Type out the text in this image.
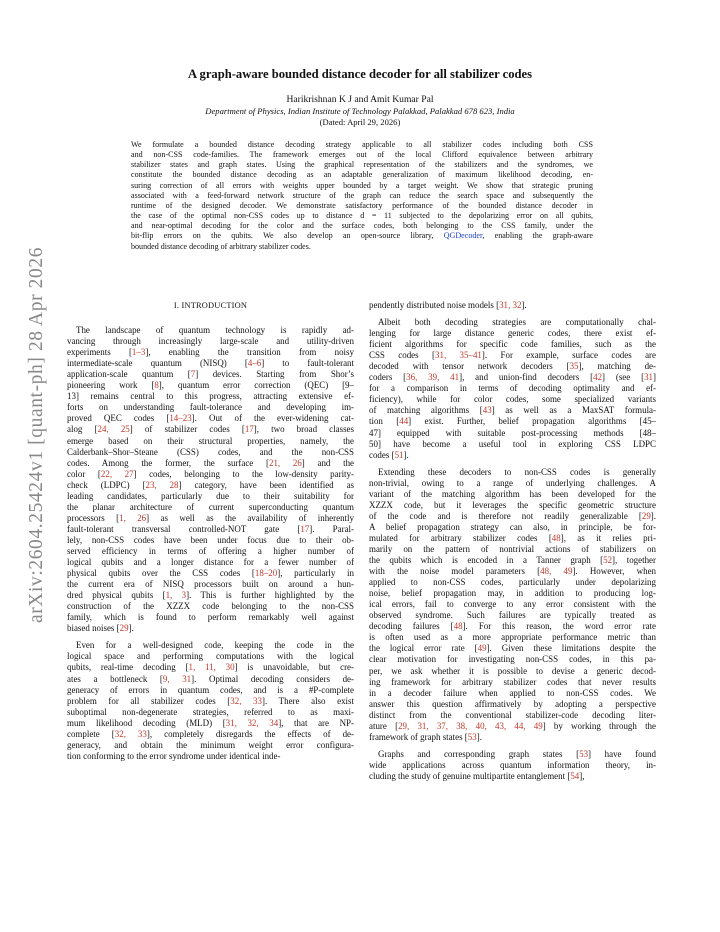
arXiv:2604.25424v1 [quant-ph] 28 Apr 2026
A graph-aware bounded distance decoder for all stabilizer codes
Harikrishnan K J and Amit Kumar Pal
Department of Physics, Indian Institute of Technology Palakkad, Palakkad 678 623, India
(Dated: April 29, 2026)
We formulate a bounded distance decoding strategy applicable to all stabilizer codes including both CSS
and non-CSS code-families. The framework emerges out of the local Clifford equivalence between arbitrary
stabilizer states and graph states. Using the graphical representation of the stabilizers and the syndromes, we
constitute the bounded distance decoding as an adaptable generalization of maximum likelihood decoding, en-
suring correction of all errors with weights upper bounded by a target weight. We show that strategic pruning
associated with a feed-forward network structure of the graph can reduce the search space and subsequently the
runtime of the designed decoder. We demonstrate satisfactory performance of the bounded distance decoder in
the case of the optimal non-CSS codes up to distance d = 11 subjected to the depolarizing error on all qubits,
and near-optimal decoding for the color and the surface codes, both belonging to the CSS family, under the
bit-flip errors on the qubits. We also develop an open-source library, QGDecoder, enabling the graph-aware
bounded distance decoding of arbitrary stabilizer codes.
I. INTRODUCTION
The landscape of quantum technology is rapidly ad-
vancing through increasingly large-scale and utility-driven
experiments [1–3], enabling the transition from noisy
intermediate-scale quantum (NISQ) [4–6] to fault-tolerant
application-scale quantum [7] devices. Starting from Shor’s
pioneering work [8], quantum error correction (QEC) [9–
13] remains central to this progress, attracting extensive ef-
forts on understanding fault-tolerance and developing im-
proved QEC codes [14–23]. Out of the ever-widening cat-
alog [24, 25] of stabilizer codes [17], two broad classes
emerge based on their structural properties, namely, the
Calderbank–Shor–Steane (CSS) codes, and the non-CSS
codes. Among the former, the surface [21, 26] and the
color [22, 27] codes, belonging to the low-density parity-
check (LDPC) [23, 28] category, have been identified as
leading candidates, particularly due to their suitability for
the planar architecture of current superconducting quantum
processors [1, 26] as well as the availability of inherently
fault-tolerant transversal controlled-NOT gate [17]. Paral-
lely, non-CSS codes have been under focus due to their ob-
served efficiency in terms of offering a higher number of
logical qubits and a longer distance for a fewer number of
physical qubits over the CSS codes [18–20], particularly in
the current era of NISQ processors built on around a hun-
dred physical qubits [1, 3]. This is further highlighted by the
construction of the XZZX code belonging to the non-CSS
family, which is found to perform remarkably well against
biased noises [29].
Even for a well-designed code, keeping the code in the
logical space and performing computations with the logical
qubits, real-time decoding [1, 11, 30] is unavoidable, but cre-
ates a bottleneck [9, 31]. Optimal decoding considers de-
generacy of errors in quantum codes, and is a #P-complete
problem for all stabilizer codes [32, 33]. There also exist
suboptimal non-degenerate strategies, referred to as maxi-
mum likelihood decoding (MLD) [31, 32, 34], that are NP-
complete [32, 33], completely disregards the effects of de-
generacy, and obtain the minimum weight error configura-
tion conforming to the error syndrome under identical inde-
pendently distributed noise models [31, 32].
Albeit both decoding strategies are computationally chal-
lenging for large distance generic codes, there exist ef-
ficient algorithms for specific code families, such as the
CSS codes [31, 35–41]. For example, surface codes are
decoded with tensor network decoders [35], matching de-
coders [36, 39, 41], and union-find decoders [42] (see [31]
for a comparison in terms of decoding optimality and ef-
ficiency), while for color codes, some specialized variants
of matching algorithms [43] as well as a MaxSAT formula-
tion [44] exist. Further, belief propagation algorithms [45–
47] equipped with suitable post-processing methods [48–
50] have become a useful tool in exploring CSS LDPC
codes [51].
Extending these decoders to non-CSS codes is generally
non-trivial, owing to a range of underlying challenges. A
variant of the matching algorithm has been developed for the
XZZX code, but it leverages the specific geometric structure
of the code and is therefore not readily generalizable [29].
A belief propagation strategy can also, in principle, be for-
mulated for arbitrary stabilizer codes [48], as it relies pri-
marily on the pattern of nontrivial actions of stabilizers on
the qubits which is encoded in a Tanner graph [52], together
with the noise model parameters [48, 49]. However, when
applied to non-CSS codes, particularly under depolarizing
noise, belief propagation may, in addition to producing log-
ical errors, fail to converge to any error consistent with the
observed syndrome. Such failures are typically treated as
decoding failures [48]. For this reason, the word error rate
is often used as a more appropriate performance metric than
the logical error rate [49]. Given these limitations despite the
clear motivation for investigating non-CSS codes, in this pa-
per, we ask whether it is possible to devise a generic decod-
ing framework for arbitrary stabilizer codes that never results
in a decoder failure when applied to non-CSS codes. We
answer this question affirmatively by adopting a perspective
distinct from the conventional stabilizer-code decoding liter-
ature [29, 31, 37, 38, 40, 43, 44, 49] by working through the
framework of graph states [53].
Graphs and corresponding graph states [53] have found
wide applications across quantum information theory, in-
cluding the study of genuine multipartite entanglement [54],
